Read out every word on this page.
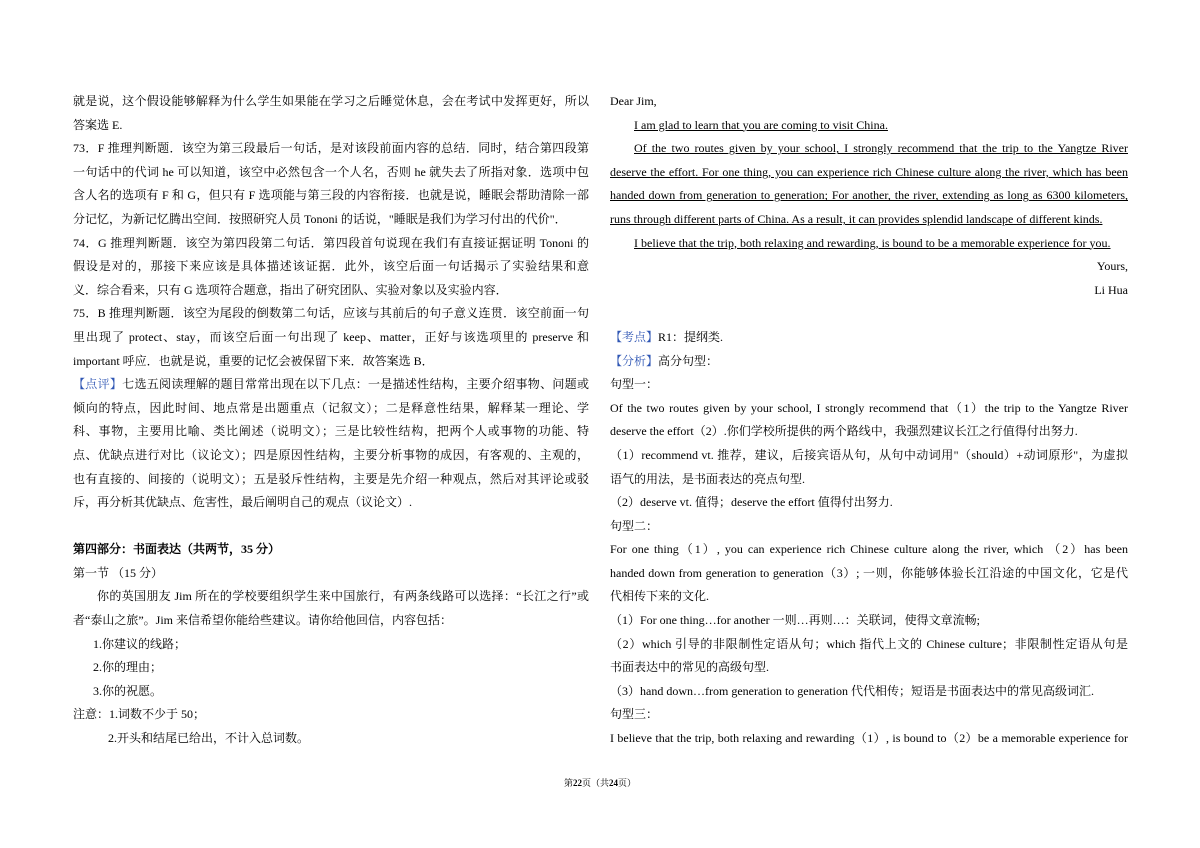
就是说，这个假设能够解释为什么学生如果能在学习之后睡觉休息，会在考试中发挥更好，所以

答案选 E.

73．F 推理判断题．该空为第三段最后一句话，是对该段前面内容的总结．同时，结合第四段第

一句话中的代词 he 可以知道，该空中必然包含一个人名，否则 he 就失去了所指对象．选项中包

含人名的选项有 F 和 G，但只有 F 选项能与第三段的内容衔接．也就是说，睡眠会帮助清除一部

分记忆，为新记忆腾出空间．按照研究人员 Tononi 的话说，"睡眠是我们为学习付出的代价"．

74．G 推理判断题．该空为第四段第二句话．第四段首句说现在我们有直接证据证明 Tononi 的

假设是对的，那接下来应该是具体描述该证据．此外，该空后面一句话揭示了实验结果和意

义．综合看来，只有 G 选项符合题意，指出了研究团队、实验对象以及实验内容．

75．B 推理判断题．该空为尾段的倒数第二句话，应该与其前后的句子意义连贯．该空前面一句

里出现了 protect、stay，而该空后面一句出现了 keep、matter，正好与该选项里的 preserve 和

important 呼应．也就是说，重要的记忆会被保留下来．故答案选 B．

【点评】七选五阅读理解的题目常常出现在以下几点：一是描述性结构，主要介绍事物、问题或

倾向的特点，因此时间、地点常是出题重点（记叙文）；二是释意性结果，解释某一理论、学

科、事物，主要用比喻、类比阐述（说明文）；三是比较性结构，把两个人或事物的功能、特

点、优缺点进行对比（议论文）；四是原因性结构，主要分析事物的成因，有客观的、主观的，

也有直接的、间接的（说明文）；五是驳斥性结构，主要是先介绍一种观点，然后对其评论或驳

斥，再分析其优缺点、危害性，最后阐明自己的观点（议论文）.

第四部分：书面表达（共两节，35 分）

第一节 （15 分）

你的英国朋友 Jim 所在的学校要组织学生来中国旅行，有两条线路可以选择：“长江之行”或

者“泰山之旅”。Jim 来信希望你能给些建议。请你给他回信，内容包括：

1.你建议的线路；

2.你的理由；

3.你的祝愿。

注意：1.词数不少于 50；

2.开头和结尾已给出，不计入总词数。

Dear Jim,

I am glad to learn that you are coming to visit China.

Of the two routes given by your school, I strongly recommend that the trip to the Yangtze River

deserve the effort. For one thing, you can experience rich Chinese culture along the river, which has been

handed down from generation to generation; For another, the river, extending as long as 6300 kilometers,

runs through different parts of China. As a result, it can provides splendid landscape of different kinds.

I believe that the trip, both relaxing and rewarding, is bound to be a memorable experience for you.

Yours,

Li Hua

【考点】R1：提纲类.

【分析】高分句型：

句型一：

Of the two routes given by your school, I strongly recommend that（1）the trip to the Yangtze River

deserve the effort（2）.你们学校所提供的两个路线中，我强烈建议长江之行值得付出努力.

（1）recommend vt. 推荐，建议，后接宾语从句，从句中动词用"（should）+动词原形"，为虚拟

语气的用法，是书面表达的亮点句型.

（2）deserve vt. 值得；deserve the effort 值得付出努力.

句型二：

For one thing（1）, you can experience rich Chinese culture along the river, which （2）has been

handed down from generation to generation（3）; 一则，你能够体验长江沿途的中国文化，它是代

代相传下来的文化.

（1）For one thing…for another 一则…再则…：关联词，使得文章流畅;

（2）which 引导的非限制性定语从句；which 指代上文的 Chinese culture；非限制性定语从句是

书面表达中的常见的高级句型.

（3）hand down…from generation to generation 代代相传；短语是书面表达中的常见高级词汇.

句型三：

I believe that the trip, both relaxing and rewarding（1）, is bound to（2）be a memorable experience for

第22页（共24页）
